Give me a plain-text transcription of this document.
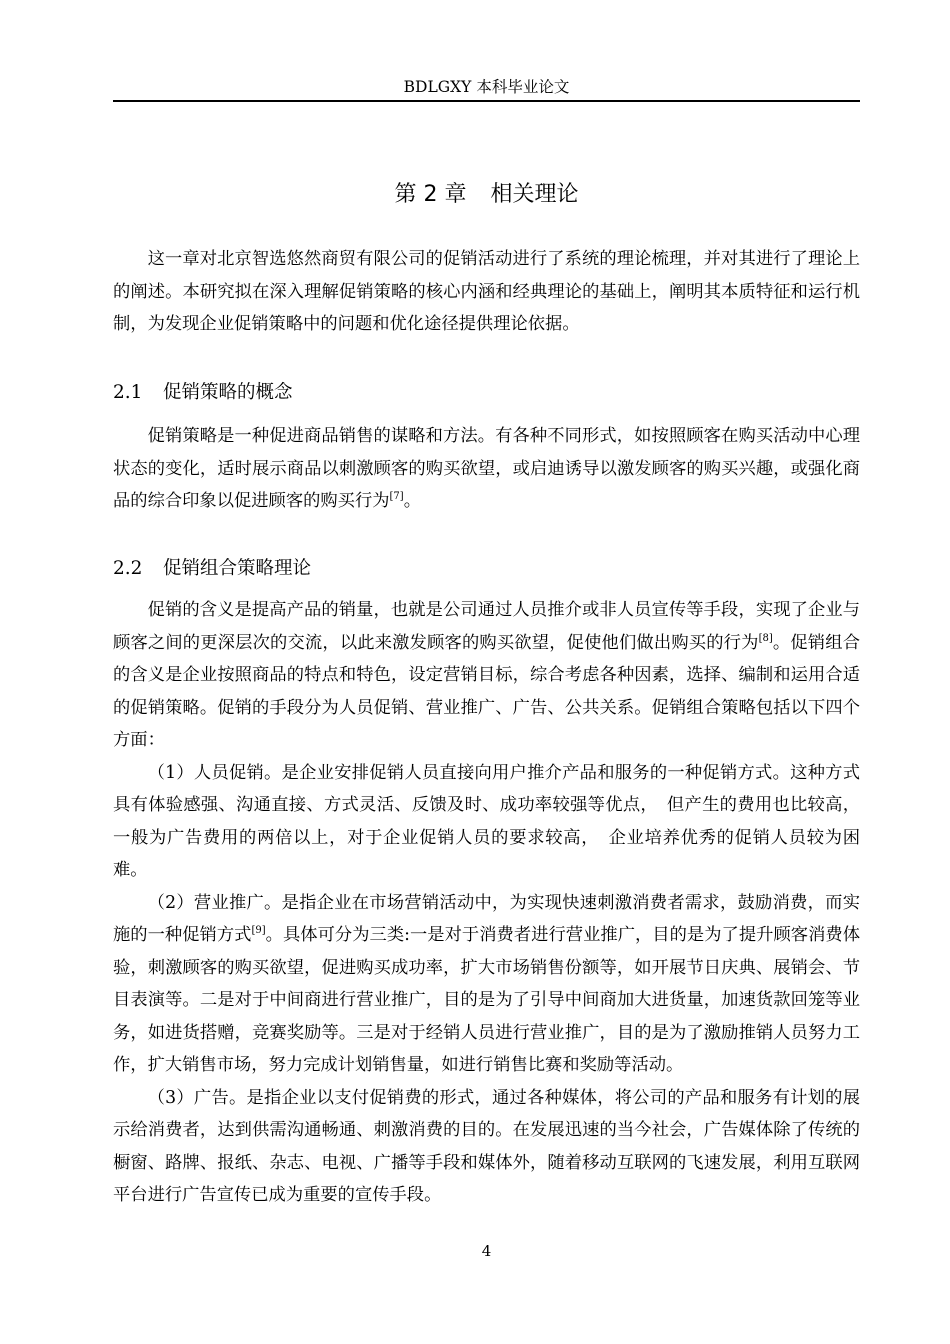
BDLGXY 本科毕业论文
第 2 章 相关理论

这一章对北京智选悠然商贸有限公司的促销活动进行了系统的理论梳理，并对其进行了理论上的阐述。本研究拟在深入理解促销策略的核心内涵和经典理论的基础上，阐明其本质特征和运行机制，为发现企业促销策略中的问题和优化途径提供理论依据。

2.1 促销策略的概念

促销策略是一种促进商品销售的谋略和方法。有各种不同形式，如按照顾客在购买活动中心理状态的变化，适时展示商品以刺激顾客的购买欲望，或启迪诱导以激发顾客的购买兴趣，或强化商品的综合印象以促进顾客的购买行为[7]。

2.2 促销组合策略理论

促销的含义是提高产品的销量，也就是公司通过人员推介或非人员宣传等手段，实现了企业与顾客之间的更深层次的交流，以此来激发顾客的购买欲望，促使他们做出购买的行为[8]。促销组合的含义是企业按照商品的特点和特色，设定营销目标，综合考虑各种因素，选择、编制和运用合适的促销策略。促销的手段分为人员促销、营业推广、广告、公共关系。促销组合策略包括以下四个方面：

（1）人员促销。是企业安排促销人员直接向用户推介产品和服务的一种促销方式。这种方式具有体验感强、沟通直接、方式灵活、反馈及时、成功率较强等优点，　但产生的费用也比较高，一般为广告费用的两倍以上，对于企业促销人员的要求较高，　企业培养优秀的促销人员较为困难。

（2）营业推广。是指企业在市场营销活动中，为实现快速刺激消费者需求，鼓励消费，而实施的一种促销方式[9]。具体可分为三类:一是对于消费者进行营业推广，目的是为了提升顾客消费体验，刺激顾客的购买欲望，促进购买成功率，扩大市场销售份额等，如开展节日庆典、展销会、节目表演等。二是对于中间商进行营业推广，目的是为了引导中间商加大进货量，加速货款回笼等业务，如进货搭赠，竞赛奖励等。三是对于经销人员进行营业推广，目的是为了激励推销人员努力工作，扩大销售市场，努力完成计划销售量，如进行销售比赛和奖励等活动。

（3）广告。是指企业以支付促销费的形式，通过各种媒体，将公司的产品和服务有计划的展示给消费者，达到供需沟通畅通、刺激消费的目的。在发展迅速的当今社会，广告媒体除了传统的橱窗、路牌、报纸、杂志、电视、广播等手段和媒体外，随着移动互联网的飞速发展，利用互联网平台进行广告宣传已成为重要的宣传手段。

4
